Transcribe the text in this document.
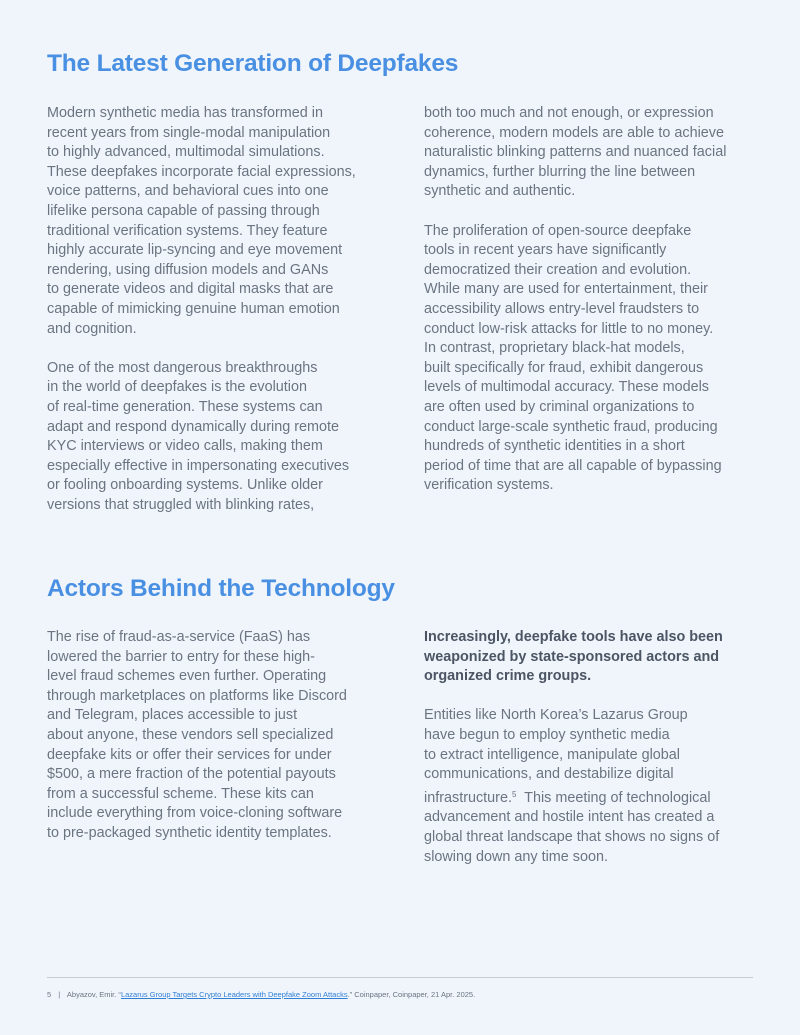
The Latest Generation of Deepfakes

Modern synthetic media has transformed in
recent years from single-modal manipulation
to highly advanced, multimodal simulations.
These deepfakes incorporate facial expressions,
voice patterns, and behavioral cues into one
lifelike persona capable of passing through
traditional verification systems. They feature
highly accurate lip-syncing and eye movement
rendering, using diffusion models and GANs
to generate videos and digital masks that are
capable of mimicking genuine human emotion
and cognition.

One of the most dangerous breakthroughs
in the world of deepfakes is the evolution
of real-time generation. These systems can
adapt and respond dynamically during remote
KYC interviews or video calls, making them
especially effective in impersonating executives
or fooling onboarding systems. Unlike older
versions that struggled with blinking rates,

both too much and not enough, or expression
coherence, modern models are able to achieve
naturalistic blinking patterns and nuanced facial
dynamics, further blurring the line between
synthetic and authentic.

The proliferation of open-source deepfake
tools in recent years have significantly
democratized their creation and evolution.
While many are used for entertainment, their
accessibility allows entry-level fraudsters to
conduct low-risk attacks for little to no money.
In contrast, proprietary black-hat models,
built specifically for fraud, exhibit dangerous
levels of multimodal accuracy. These models
are often used by criminal organizations to
conduct large-scale synthetic fraud, producing
hundreds of synthetic identities in a short
period of time that are all capable of bypassing
verification systems.

Actors Behind the Technology

The rise of fraud-as-a-service (FaaS) has
lowered the barrier to entry for these high-
level fraud schemes even further. Operating
through marketplaces on platforms like Discord
and Telegram, places accessible to just
about anyone, these vendors sell specialized
deepfake kits or offer their services for under
$500, a mere fraction of the potential payouts
from a successful scheme. These kits can
include everything from voice-cloning software
to pre-packaged synthetic identity templates.

Increasingly, deepfake tools have also been
weaponized by state-sponsored actors and
organized crime groups.

Entities like North Korea’s Lazarus Group
have begun to employ synthetic media
to extract intelligence, manipulate global
communications, and destabilize digital
infrastructure.$^5$  This meeting of technological
advancement and hostile intent has created a
global threat landscape that shows no signs of
slowing down any time soon.

5 | Abyazov, Emir. “Lazarus Group Targets Crypto Leaders with Deepfake Zoom Attacks.” Coinpaper, Coinpaper, 21 Apr. 2025.
